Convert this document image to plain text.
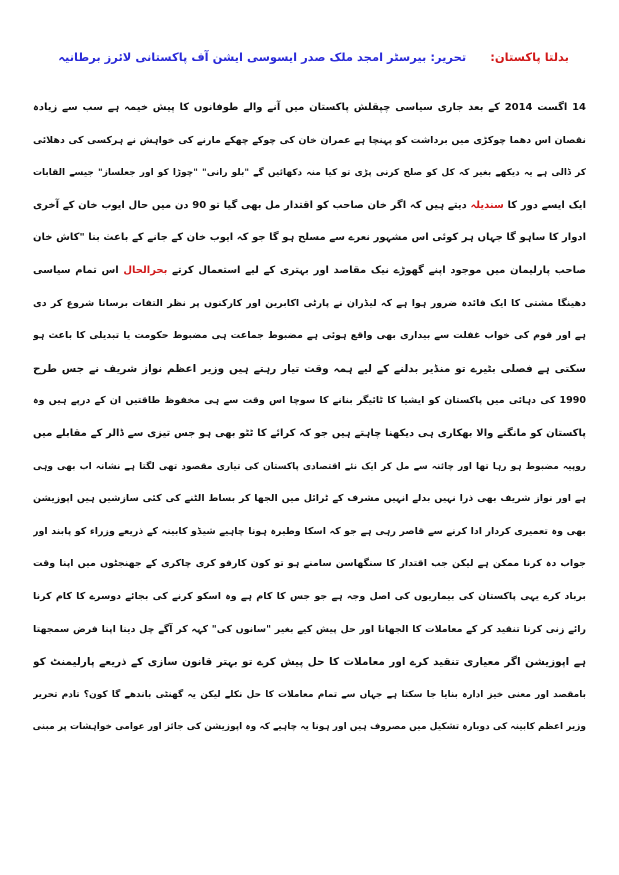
بدلتا پاکستان:   تحریر: بیرسٹر امجد ملک صدر ایسوسی ایشن آف پاکستانی لائرز برطانیہ
14 اگست 2014 کے بعد جاری سیاسی چپقلش پاکستان میں آنے والے طوفانوں کا پیش خیمہ ہے سب سے زیادہ
نقصان اس دھما چوکڑی میں برداشت کو پہنچا ہے عمران خان کی چوکے چھکے مارنے کی خواہش نے ہرکسی کی دھلائی
کر ڈالی ہے یہ دیکھے بغیر کہ کل کو صلح کرنی پڑی تو کیا منہ دکھائیں گے "بلو رانی" "چوڑا کو اور جعلساز" جیسے القابات
ایک ایسے دور کا سندیلہ دیتے ہیں کہ اگر خان صاحب کو اقتدار مل بھی گیا تو 90 دن میں حال ایوب خان کے آخری
ادوار کا ساہو گا جہاں ہر کوئی اس مشہور نعرے سے مسلح ہو گا جو کہ ایوب خان کے جانے کے باعث بنا "کاش خان
صاحب پارلیمان میں موجود اپنے گھوڑے نیک مقاصد اور بہتری کے لیے استعمال کرتے بحرالحال اس تمام سیاسی
دھینگا مشتی کا ایک فائدہ ضرور ہوا ہے کہ لیڈران نے پارٹی اکابرین اور کارکنوں پر نظر التفات برسانا شروع کر دی
ہے اور قوم کی خواب غفلت سے بیداری بھی واقع ہوئی ہے مضبوط جماعت ہی مضبوط حکومت یا تبدیلی کا باعث ہو
سکتی ہے فصلی بٹیرے تو منڈیر بدلنے کے لیے ہمہ وقت تیار رہتے ہیں وزیر اعظم نواز شریف نے جس طرح
1990 کی دہائی میں پاکستان کو ایشیا کا ٹائیگر بنانے کا سوچا اس وقت سے ہی مخفوظ طاقتیں ان کے درپے ہیں وہ
پاکستان کو مانگنے والا بھکاری ہی دیکھنا چاہتے ہیں جو کہ کرائے کا ٹٹو بھی ہو جس تیزی سے ڈالر کے مقابلے میں
روپیہ مضبوط ہو رہا تھا اور چائنہ سے مل کر ایک نئے اقتصادی پاکستان کی تیاری مقصود تھی لگتا ہے نشانہ اب بھی وہی
ہے اور نواز شریف بھی ذرا نہیں بدلے انہیں مشرف کے ٹرائل میں الجھا کر بساط الٹنے کی کئی سازشیں ہیں اپوزیشن
بھی وہ تعمیری کردار ادا کرنے سے قاصر رہی ہے جو کہ اسکا وطیرہ ہونا چاہیے شیڈو کابینہ کے ذریعے وزراء کو پابند اور
جواب دہ کرنا ممکن ہے لیکن جب اقتدار کا سنگھاسن سامنے ہو تو کون کارفو کری چاکری کے جھنجٹوں میں اپنا وقت
برباد کرے یہی پاکستان کی بیماریوں کی اصل وجہ ہے جو جس کا کام ہے وہ اسکو کرنے کی بجائے دوسرے کا کام کرنا
رائے زنی کرنا تنقید کر کے معاملات کا الجھانا اور حل پیش کیے بغیر "سانوں کی" کہہ کر آگے چل دینا اپنا فرض سمجھتا
ہے اپوزیشن اگر معیاری تنقید کرے اور معاملات کا حل پیش کرے تو بہتر قانون سازی کے ذریعے پارلیمنٹ کو
بامقصد اور معنی خیز ادارہ بنایا جا سکتا ہے جہاں سے تمام معاملات کا حل نکلے لیکن یہ گھنٹی باندھے گا کون؟ تادم تحریر
وزیر اعظم کابینہ کی دوبارہ تشکیل میں مصروف ہیں اور ہونا یہ چاہیے کہ وہ اپوزیشن کی جائز اور عوامی خواہشات پر مبنی
